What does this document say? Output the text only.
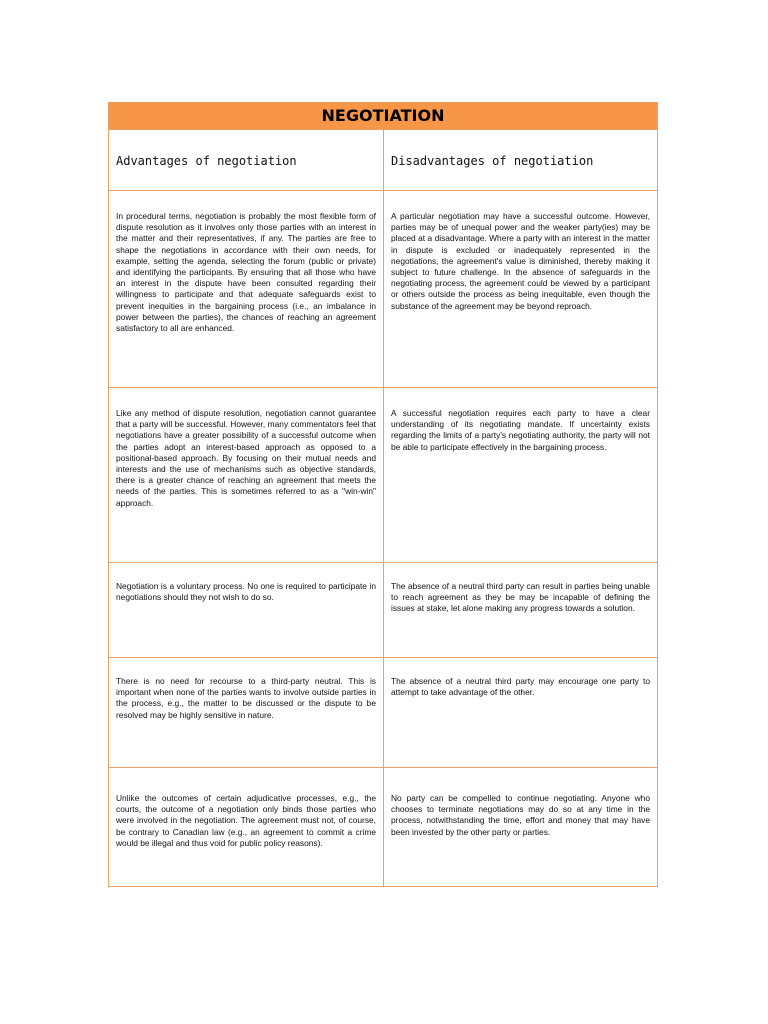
NEGOTIATION
Advantages of negotiation	Disadvantages of negotiation

In procedural terms, negotiation is probably the most flexible form of dispute resolution as it involves only those parties with an interest in the matter and their representatives, if any. The parties are free to shape the negotiations in accordance with their own needs, for example, setting the agenda, selecting the forum (public or private) and identifying the participants. By ensuring that all those who have an interest in the dispute have been consulted regarding their willingness to participate and that adequate safeguards exist to prevent inequities in the bargaining process (i.e., an imbalance in power between the parties), the chances of reaching an agreement satisfactory to all are enhanced.

A particular negotiation may have a successful outcome. However, parties may be of unequal power and the weaker party(ies) may be placed at a disadvantage. Where a party with an interest in the matter in dispute is excluded or inadequately represented in the negotiations, the agreement's value is diminished, thereby making it subject to future challenge. In the absence of safeguards in the negotiating process, the agreement could be viewed by a participant or others outside the process as being inequitable, even though the substance of the agreement may be beyond reproach.

Like any method of dispute resolution, negotiation cannot guarantee that a party will be successful. However, many commentators feel that negotiations have a greater possibility of a successful outcome when the parties adopt an interest-based approach as opposed to a positional-based approach. By focusing on their mutual needs and interests and the use of mechanisms such as objective standards, there is a greater chance of reaching an agreement that meets the needs of the parties. This is sometimes referred to as a "win-win" approach.

A successful negotiation requires each party to have a clear understanding of its negotiating mandate. If uncertainty exists regarding the limits of a party's negotiating authority, the party will not be able to participate effectively in the bargaining process.

Negotiation is a voluntary process. No one is required to participate in negotiations should they not wish to do so.

The absence of a neutral third party can result in parties being unable to reach agreement as they be may be incapable of defining the issues at stake, let alone making any progress towards a solution.

There is no need for recourse to a third-party neutral. This is important when none of the parties wants to involve outside parties in the process, e.g., the matter to be discussed or the dispute to be resolved may be highly sensitive in nature.

The absence of a neutral third party may encourage one party to attempt to take advantage of the other.

Unlike the outcomes of certain adjudicative processes, e.g., the courts, the outcome of a negotiation only binds those parties who were involved in the negotiation. The agreement must not, of course, be contrary to Canadian law (e.g., an agreement to commit a crime would be illegal and thus void for public policy reasons).

No party can be compelled to continue negotiating. Anyone who chooses to terminate negotiations may do so at any time in the process, notwithstanding the time, effort and money that may have been invested by the other party or parties.
